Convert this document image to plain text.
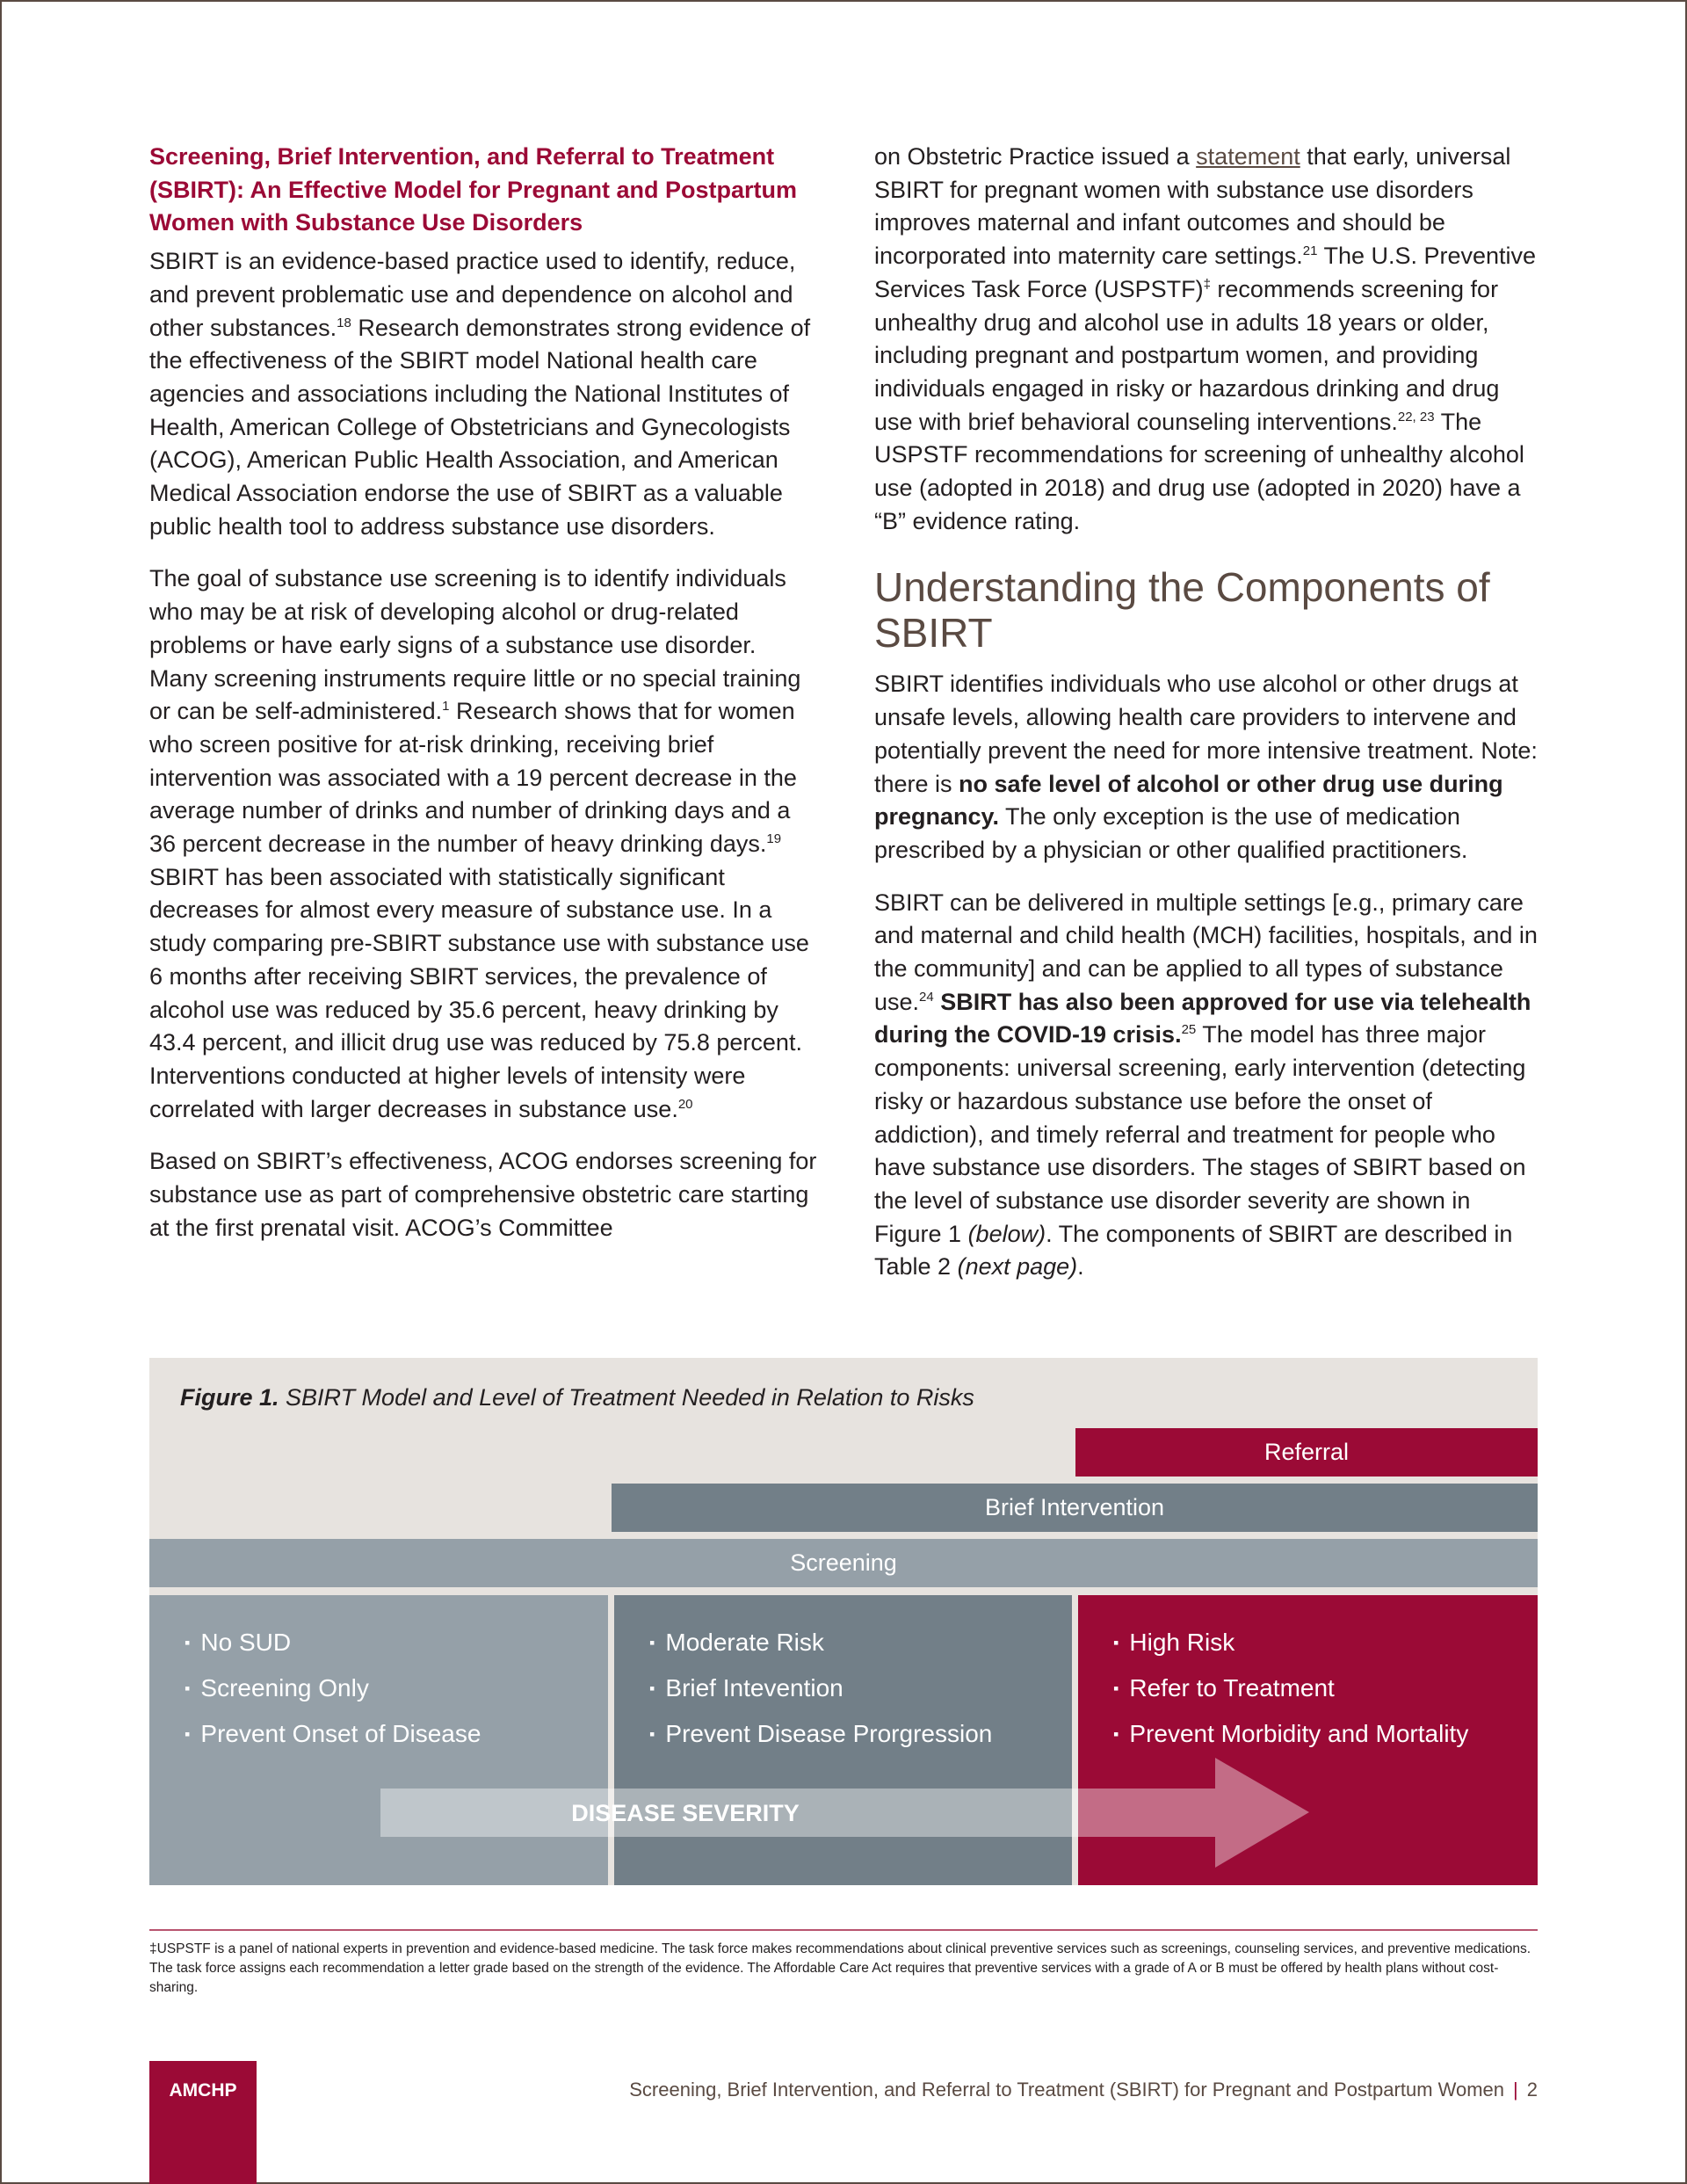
Screening, Brief Intervention, and Referral to Treatment (SBIRT): An Effective Model for Pregnant and Postpartum Women with Substance Use Disorders

SBIRT is an evidence-based practice used to identify, reduce, and prevent problematic use and dependence on alcohol and other substances.$^{18}$ Research demonstrates strong evidence of the effectiveness of the SBIRT model National health care agencies and associations including the National Institutes of Health, American College of Obstetricians and Gynecologists (ACOG), American Public Health Association, and American Medical Association endorse the use of SBIRT as a valuable public health tool to address substance use disorders.

The goal of substance use screening is to identify individuals who may be at risk of developing alcohol or drug-related problems or have early signs of a substance use disorder. Many screening instruments require little or no special training or can be self-administered.$^1$ Research shows that for women who screen positive for at-risk drinking, receiving brief intervention was associated with a 19 percent decrease in the average number of drinks and number of drinking days and a 36 percent decrease in the number of heavy drinking days.$^{19}$ SBIRT has been associated with statistically significant decreases for almost every measure of substance use. In a study comparing pre-SBIRT substance use with substance use 6 months after receiving SBIRT services, the prevalence of alcohol use was reduced by 35.6 percent, heavy drinking by 43.4 percent, and illicit drug use was reduced by 75.8 percent. Interventions conducted at higher levels of intensity were correlated with larger decreases in substance use.$^{20}$

Based on SBIRT’s effectiveness, ACOG endorses screening for substance use as part of comprehensive obstetric care starting at the first prenatal visit. ACOG’s Committee

on Obstetric Practice issued a statement that early, universal SBIRT for pregnant women with substance use disorders improves maternal and infant outcomes and should be incorporated into maternity care settings.$^{21}$ The U.S. Preventive Services Task Force (USPSTF)‡ recommends screening for unhealthy drug and alcohol use in adults 18 years or older, including pregnant and postpartum women, and providing individuals engaged in risky or hazardous drinking and drug use with brief behavioral counseling interventions.$^{22, 23}$ The USPSTF recommendations for screening of unhealthy alcohol use (adopted in 2018) and drug use (adopted in 2020) have a “B” evidence rating.

Understanding the Components of SBIRT

SBIRT identifies individuals who use alcohol or other drugs at unsafe levels, allowing health care providers to intervene and potentially prevent the need for more intensive treatment. Note: there is no safe level of alcohol or other drug use during pregnancy. The only exception is the use of medication prescribed by a physician or other qualified practitioners.

SBIRT can be delivered in multiple settings [e.g., primary care and maternal and child health (MCH) facilities, hospitals, and in the community] and can be applied to all types of substance use.$^{24}$ SBIRT has also been approved for use via telehealth during the COVID-19 crisis.$^{25}$ The model has three major components: universal screening, early intervention (detecting risky or hazardous substance use before the onset of addiction), and timely referral and treatment for people who have substance use disorders. The stages of SBIRT based on the level of substance use disorder severity are shown in Figure 1 (below). The components of SBIRT are described in Table 2 (next page).

Figure 1. SBIRT Model and Level of Treatment Needed in Relation to Risks
Referral
Brief Intervention
Screening
▪ No SUD
▪ Screening Only
▪ Prevent Onset of Disease
▪ Moderate Risk
▪ Brief Intevention
▪ Prevent Disease Prorgression
▪ High Risk
▪ Refer to Treatment
▪ Prevent Morbidity and Mortality
DISEASE SEVERITY
‡USPSTF is a panel of national experts in prevention and evidence-based medicine. The task force makes recommendations about clinical preventive services such as screenings, counseling services, and preventive medications. The task force assigns each recommendation a letter grade based on the strength of the evidence. The Affordable Care Act requires that preventive services with a grade of A or B must be offered by health plans without cost-sharing.
AMCHP	Screening, Brief Intervention, and Referral to Treatment (SBIRT) for Pregnant and Postpartum Women | 2
